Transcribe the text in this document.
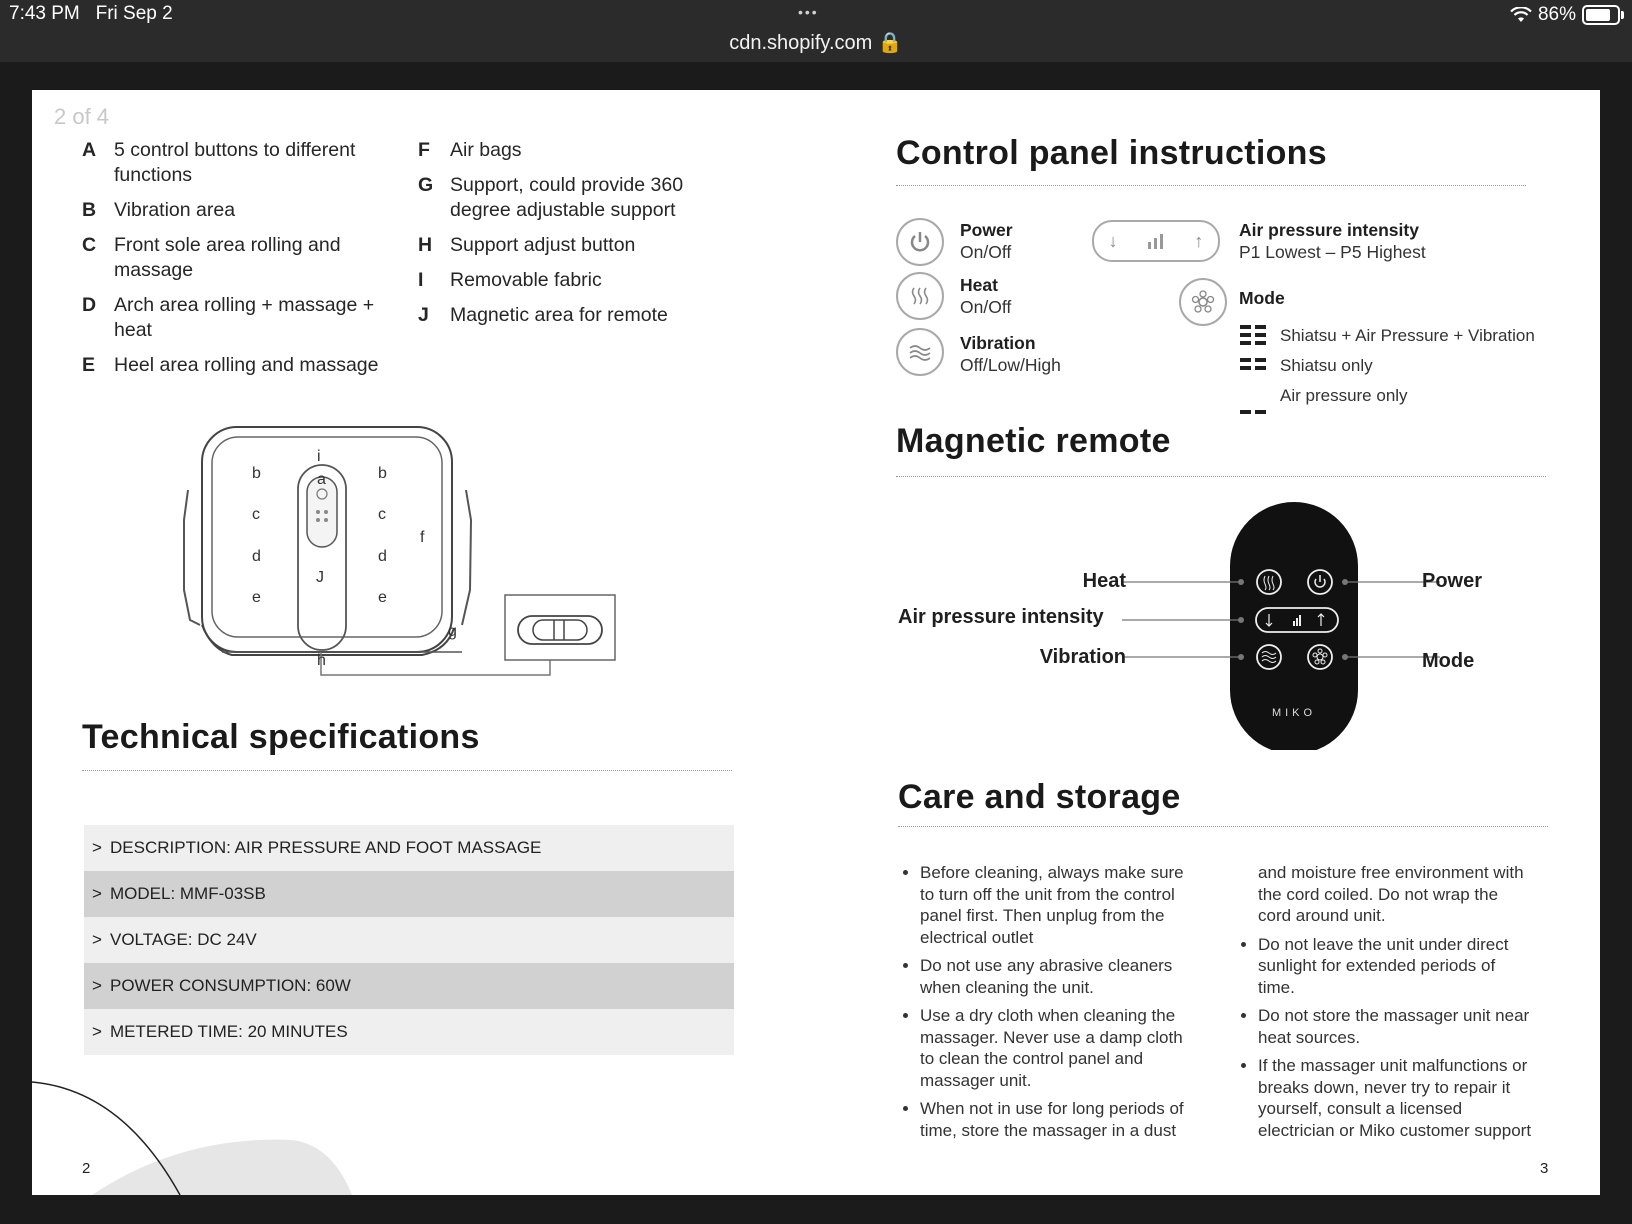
7:43 PM Fri Sep 2	•••
cdn.shopify.com 🔒
86%
2 of 4
A 5 control buttons to different functions
B Vibration area
C Front sole area rolling and massage
D Arch area rolling + massage + heat
E Heel area rolling and massage
F	Air bags
G Support, could provide 360 degree adjustable support
H Support adjust button
I	Removable fabric
J	Magnetic area for remote
i
a
b	b
c	c
d	d
e	e
J
f
g
h
Technical specifications
> DESCRIPTION: AIR PRESSURE AND FOOT MASSAGE
> MODEL: MMF-03SB
> VOLTAGE: DC 24V
> POWER CONSUMPTION: 60W
> METERED TIME: 20 MINUTES
2
Control panel instructions
Power
On/Off
Heat
On/Off
Vibration
Off/Low/High
↓	↑
Air pressure intensity
P1 Lowest – P5 Highest
Mode
Shiatsu + Air Pressure + Vibration
Shiatsu only
Air pressure only
Magnetic remote
MIKO
Heat
Air pressure intensity
Vibration
Power
Mode
Care and storage
• Before cleaning, always make sure to turn off the unit from the control panel first. Then unplug from the electrical outlet
• Do not use any abrasive cleaners when cleaning the unit.
• Use a dry cloth when cleaning the massager. Never use a damp cloth to clean the control panel and massager unit.
• When not in use for long periods of time, store the massager in a dust
and moisture free environment with the cord coiled. Do not wrap the cord around unit.
• Do not leave the unit under direct sunlight for extended periods of time.
• Do not store the massager unit near heat sources.
• If the massager unit malfunctions or breaks down, never try to repair it yourself, consult a licensed electrician or Miko customer support
3
